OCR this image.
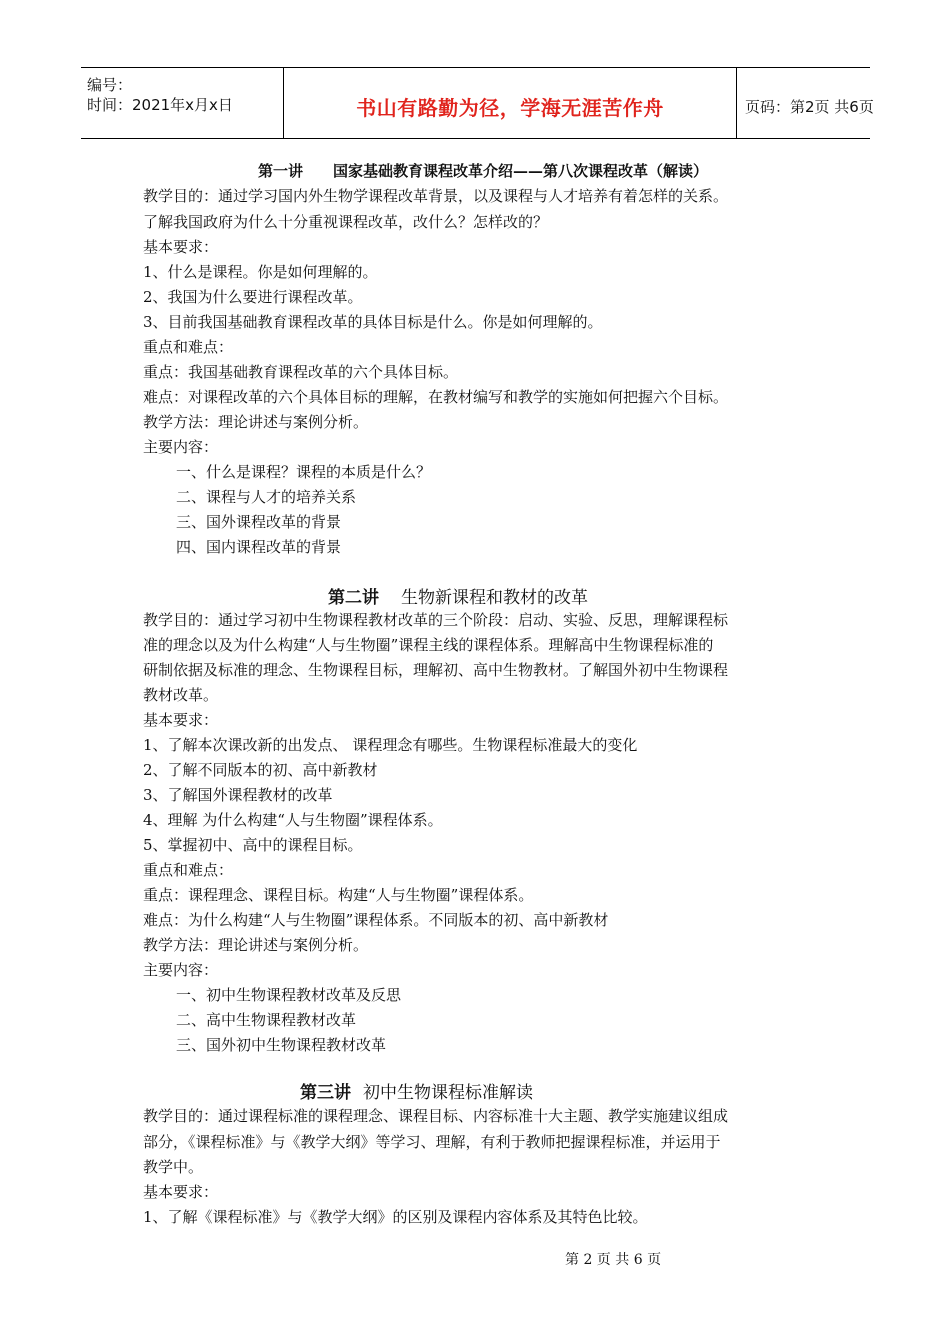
编号：
时间：2021年x月x日	书山有路勤为径，学海无涯苦作舟	页码：第2页 共6页
第一讲 国家基础教育课程改革介绍——第八次课程改革（解读）
教学目的：通过学习国内外生物学课程改革背景，以及课程与人才培养有着怎样的关系。
了解我国政府为什么十分重视课程改革，改什么？怎样改的？
基本要求：
1、什么是课程。你是如何理解的。
2、我国为什么要进行课程改革。
3、目前我国基础教育课程改革的具体目标是什么。你是如何理解的。
重点和难点：
重点：我国基础教育课程改革的六个具体目标。
难点：对课程改革的六个具体目标的理解，在教材编写和教学的实施如何把握六个目标。
教学方法：理论讲述与案例分析。
主要内容：
一、什么是课程？课程的本质是什么？
二、课程与人才的培养关系
三、国外课程改革的背景
四、国内课程改革的背景
第二讲 生物新课程和教材的改革
教学目的：通过学习初中生物课程教材改革的三个阶段：启动、实验、反思，理解课程标
准的理念以及为什么构建“人与生物圈”课程主线的课程体系。理解高中生物课程标准的
研制依据及标准的理念、生物课程目标，理解初、高中生物教材。了解国外初中生物课程
教材改革。
基本要求：
1、了解本次课改新的出发点、 课程理念有哪些。生物课程标准最大的变化
2、了解不同版本的初、高中新教材
3、了解国外课程教材的改革
4、理解 为什么构建“人与生物圈”课程体系。
5、掌握初中、高中的课程目标。
重点和难点：
重点：课程理念、课程目标。构建“人与生物圈”课程体系。
难点：为什么构建“人与生物圈”课程体系。不同版本的初、高中新教材
教学方法：理论讲述与案例分析。
主要内容：
一、初中生物课程教材改革及反思
二、高中生物课程教材改革
三、国外初中生物课程教材改革
第三讲 初中生物课程标准解读
教学目的：通过课程标准的课程理念、课程目标、内容标准十大主题、教学实施建议组成
部分，《课程标准》与《教学大纲》等学习、理解，有利于教师把握课程标准，并运用于
教学中。
基本要求：
1、了解《课程标准》与《教学大纲》的区别及课程内容体系及其特色比较。
第 2 页 共 6 页
